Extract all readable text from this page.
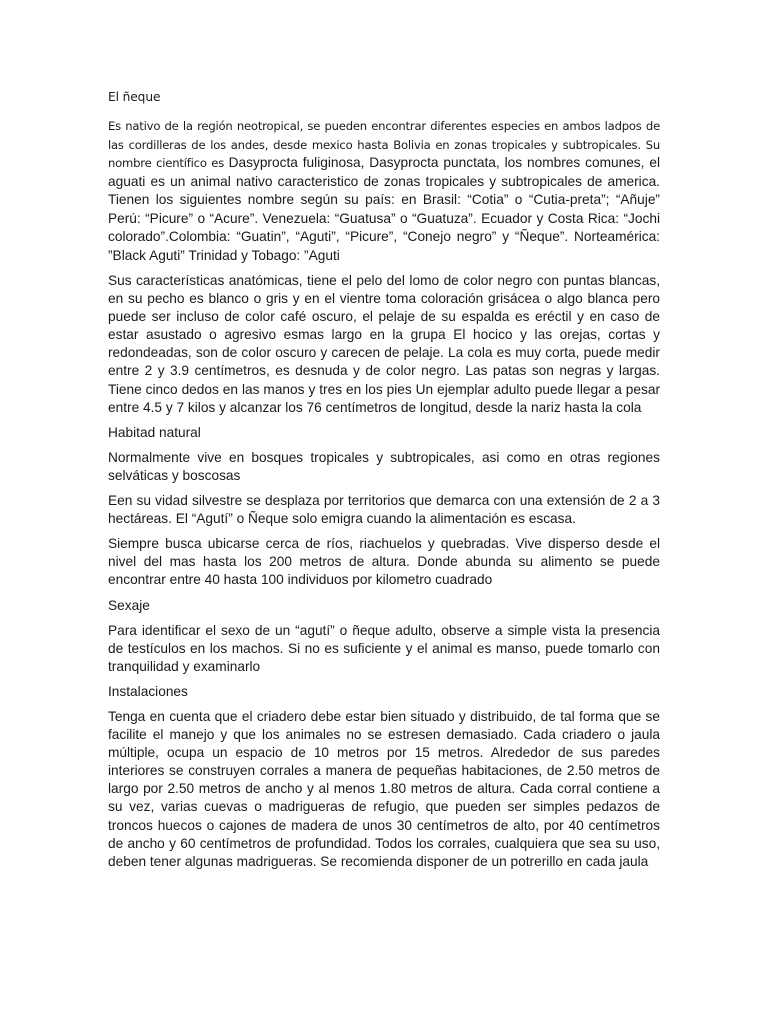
El ñeque

Es nativo de la región neotropical, se pueden encontrar diferentes especies en ambos ladpos de las cordilleras de los andes, desde mexico hasta Bolivia en zonas tropicales y subtropicales. Su nombre científico es Dasyprocta fuliginosa, Dasyprocta punctata, los nombres comunes, el aguati es un animal nativo caracteristico de zonas tropicales y subtropicales de america. Tienen los siguientes nombre según su país: en Brasil: “Cotia” o “Cutia-preta”; “Añuje” Perú: “Picure” o “Acure”. Venezuela: “Guatusa” o “Guatuza”. Ecuador y Costa Rica: “Jochi colorado”.Colombia: “Guatin”, “Aguti”, “Picure”, “Conejo negro” y “Ñeque”. Norteamérica: ”Black Aguti” Trinidad y Tobago: ”Aguti

Sus características anatómicas, tiene el pelo del lomo de color negro con puntas blancas, en su pecho es blanco o gris y en el vientre toma coloración grisácea o algo blanca pero puede ser incluso de color café oscuro, el pelaje de su espalda es eréctil y en caso de estar asustado o agresivo esmas largo en la grupa El hocico y las orejas, cortas y redondeadas, son de color oscuro y carecen de pelaje. La cola es muy corta, puede medir entre 2 y 3.9 centímetros, es desnuda y de color negro. Las patas son negras y largas. Tiene cinco dedos en las manos y tres en los pies Un ejemplar adulto puede llegar a pesar entre 4.5 y 7 kilos y alcanzar los 76 centímetros de longitud, desde la nariz hasta la cola

Habitad natural

Normalmente vive en bosques tropicales y subtropicales, asi como en otras regiones selváticas y boscosas

Een su vidad silvestre se desplaza por territorios que demarca con una extensión de 2 a 3 hectáreas. El “Agutí” o Ñeque solo emigra cuando la alimentación es escasa.

Siempre busca ubicarse cerca de ríos, riachuelos y quebradas. Vive disperso desde el nivel del mas hasta los 200 metros de altura. Donde abunda su alimento se puede encontrar entre 40 hasta 100 individuos por kilometro cuadrado

Sexaje

Para identificar el sexo de un “agutí” o ñeque adulto, observe a simple vista la presencia de testículos en los machos. Si no es suficiente y el animal es manso, puede tomarlo con tranquilidad y examinarlo

Instalaciones

Tenga en cuenta que el criadero debe estar bien situado y distribuido, de tal forma que se facilite el manejo y que los animales no se estresen demasiado. Cada criadero o jaula múltiple, ocupa un espacio de 10 metros por 15 metros. Alrededor de sus paredes interiores se construyen corrales a manera de pequeñas habitaciones, de 2.50 metros de largo por 2.50 metros de ancho y al menos 1.80 metros de altura. Cada corral contiene a su vez, varias cuevas o madrigueras de refugio, que pueden ser simples pedazos de troncos huecos o cajones de madera de unos 30 centímetros de alto, por 40 centímetros de ancho y 60 centímetros de profundidad. Todos los corrales, cualquiera que sea su uso, deben tener algunas madrigueras. Se recomienda disponer de un potrerillo en cada jaula
